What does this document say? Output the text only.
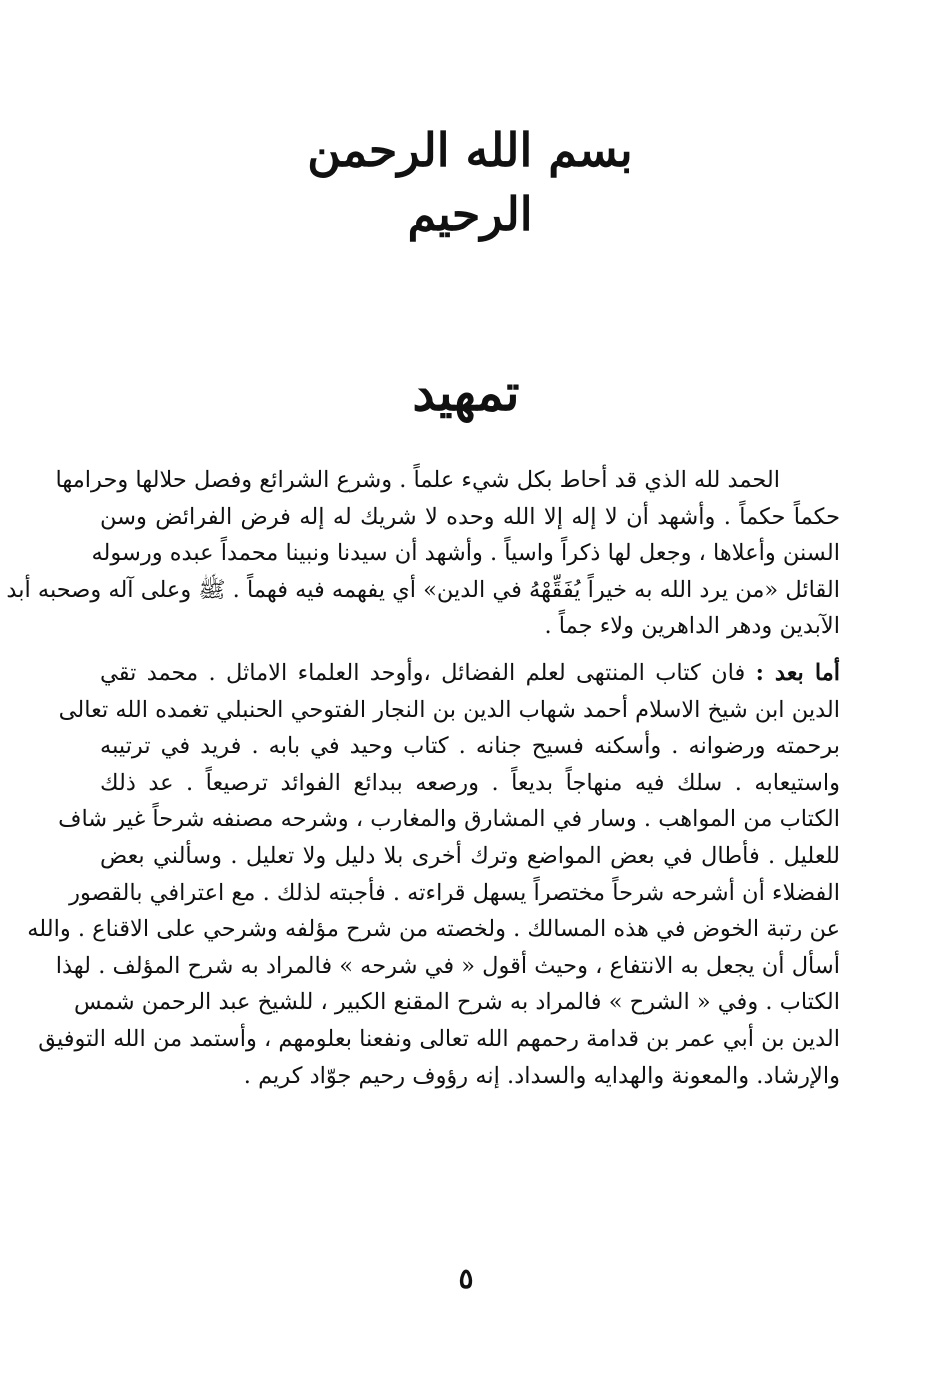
بسم الله الرحمن الرحيم
تمهيد
الحمد لله الذي قد أحاط بكل شيء علماً . وشرع الشرائع وفصل حلالها وحرامها
حكماً حكماً . وأشهد أن لا إله إلا الله وحده لا شريك له إله فرض الفرائض وسن
السنن وأعلاها ، وجعل لها ذكراً واسياً . وأشهد أن سيدنا ونبينا محمداً عبده ورسوله
القائل «من يرد الله به خيراً يُفَقِّهْهُ في الدين» أي يفهمه فيه فهماً . ﷺ وعلى آله وصحبه أبد
الآبدين ودهر الداهرين ولاء جماً .
أما بعد : فان كتاب المنتهى لعلم الفضائل ،وأوحد العلماء الاماثل . محمد تقي
الدين ابن شيخ الاسلام أحمد شهاب الدين بن النجار الفتوحي الحنبلي تغمده الله تعالى
برحمته ورضوانه . وأسكنه فسيح جنانه . كتاب وحيد في بابه . فريد في ترتيبه
واستيعابه . سلك فيه منهاجاً بديعاً . ورصعه ببدائع الفوائد ترصيعاً . عد ذلك
الكتاب من المواهب . وسار في المشارق والمغارب ، وشرحه مصنفه شرحاً غير شاف
للعليل . فأطال في بعض المواضع وترك أخرى بلا دليل ولا تعليل . وسألني بعض
الفضلاء أن أشرحه شرحاً مختصراً يسهل قراءته . فأجبته لذلك . مع اعترافي بالقصور
عن رتبة الخوض في هذه المسالك . ولخصته من شرح مؤلفه وشرحي على الاقناع . والله
أسأل أن يجعل به الانتفاع ، وحيث أقول « في شرحه » فالمراد به شرح المؤلف . لهذا
الكتاب . وفي « الشرح » فالمراد به شرح المقنع الكبير ، للشيخ عبد الرحمن شمس
الدين بن أبي عمر بن قدامة رحمهم الله تعالى ونفعنا بعلومهم ، وأستمد من الله التوفيق
والإرشاد. والمعونة والهدايه والسداد. إنه رؤوف رحيم جوّاد كريم .
٥
